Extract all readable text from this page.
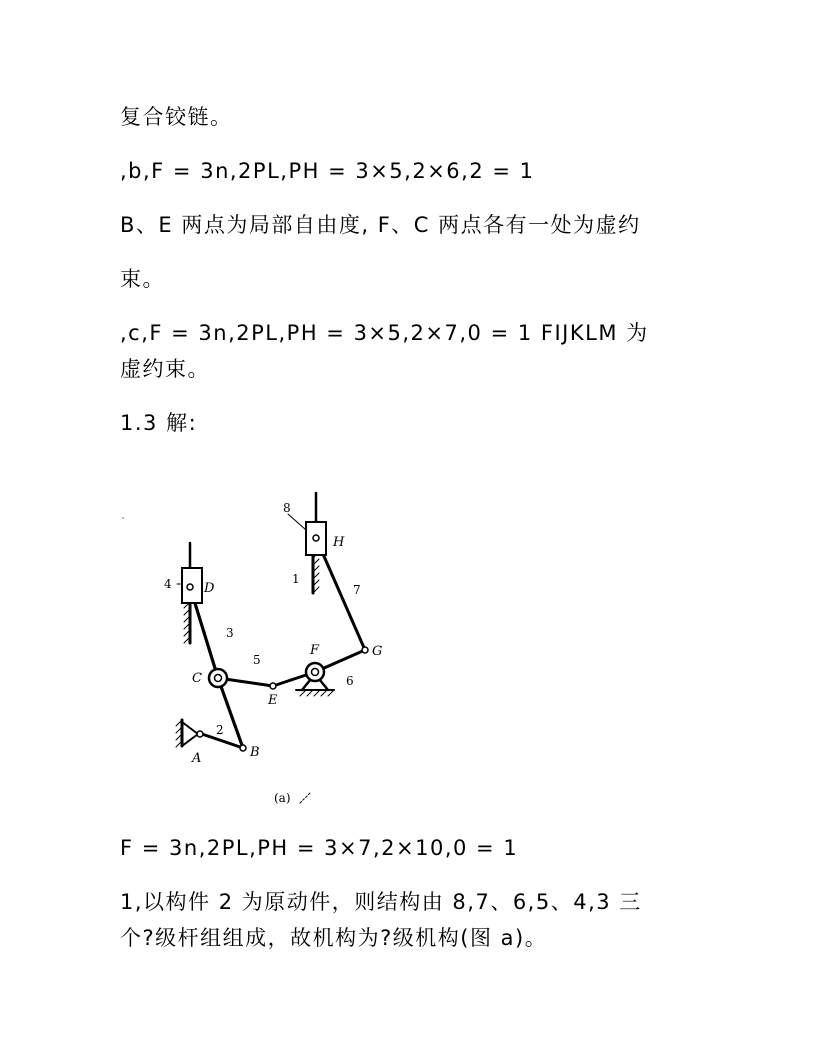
复合铰链。
,b,F = 3n,2PL,PH = 3×5,2×6,2 = 1
B、E 两点为局部自由度, F、C 两点各有一处为虚约
束。
,c,F = 3n,2PL,PH = 3×5,2×7,0 = 1 FIJKLM 为
虚约束。
1.3 解:
D
C
A	B
E
F	G
H
8
1
7
4
3
5
6
2
(a)
F = 3n,2PL,PH = 3×7,2×10,0 = 1
1,以构件 2 为原动件，则结构由 8,7、6,5、4,3 三
个?级杆组组成，故机构为?级机构(图 a)。
